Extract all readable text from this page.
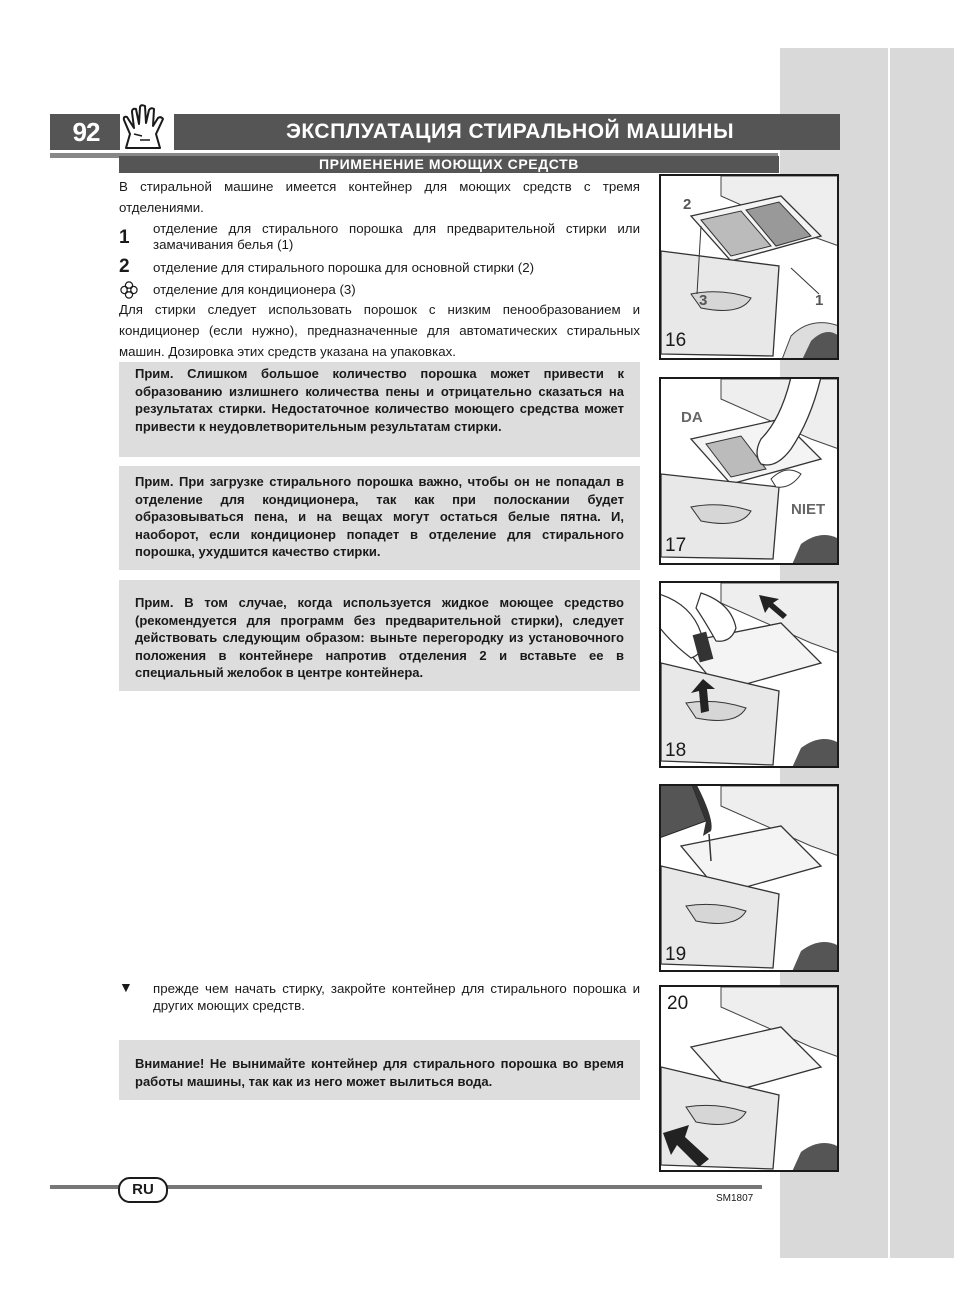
92	ЭКСПЛУАТАЦИЯ СТИРАЛЬНОЙ МАШИНЫ
ПРИМЕНЕНИЕ МОЮЩИХ СРЕДСТВ
В стиральной машине имеется контейнер для моющих средств с тремя отделениями.
1	отделение для стирального порошка для предварительной стирки или замачивания белья (1)
2	отделение для стирального порошка для основной стирки (2)
отделение для кондиционера (3)
Для стирки следует использовать порошок с низким пенообразованием и кондиционер (если нужно), предназначенные для автоматических стиральных машин. Дозировка этих средств указана на упаковках.
Прим. Слишком большое количество порошка может привести к образованию излишнего количества пены и отрицательно сказаться на результатах стирки. Недостаточное количество моющего средства может привести к неудовлетворительным результатам стирки.
Прим. При загрузке стирального порошка важно, чтобы он не попадал в отделение для кондиционера, так как при полоскании будет образовываться пена, и на вещах могут остаться белые пятна. И, наоборот, если кондиционер попадет в отделение для стирального порошка, ухудшится качество стирки.
Прим. В том случае, когда используется жидкое моющее средство (рекомендуется для программ без предварительной стирки), следует действовать следующим образом: выньте перегородку из установочного положения в контейнере напротив отделения 2 и вставьте ее в специальный желобок в центре контейнера.
▼ прежде чем начать стирку, закройте контейнер для стирального порошка и других моющих средств.
Внимание! Не вынимайте контейнер для стирального порошка во время работы машины, так как из него может вылиться вода.
2
3	1
16
DA
NIET
17
18
19
20
RU
SM1807
